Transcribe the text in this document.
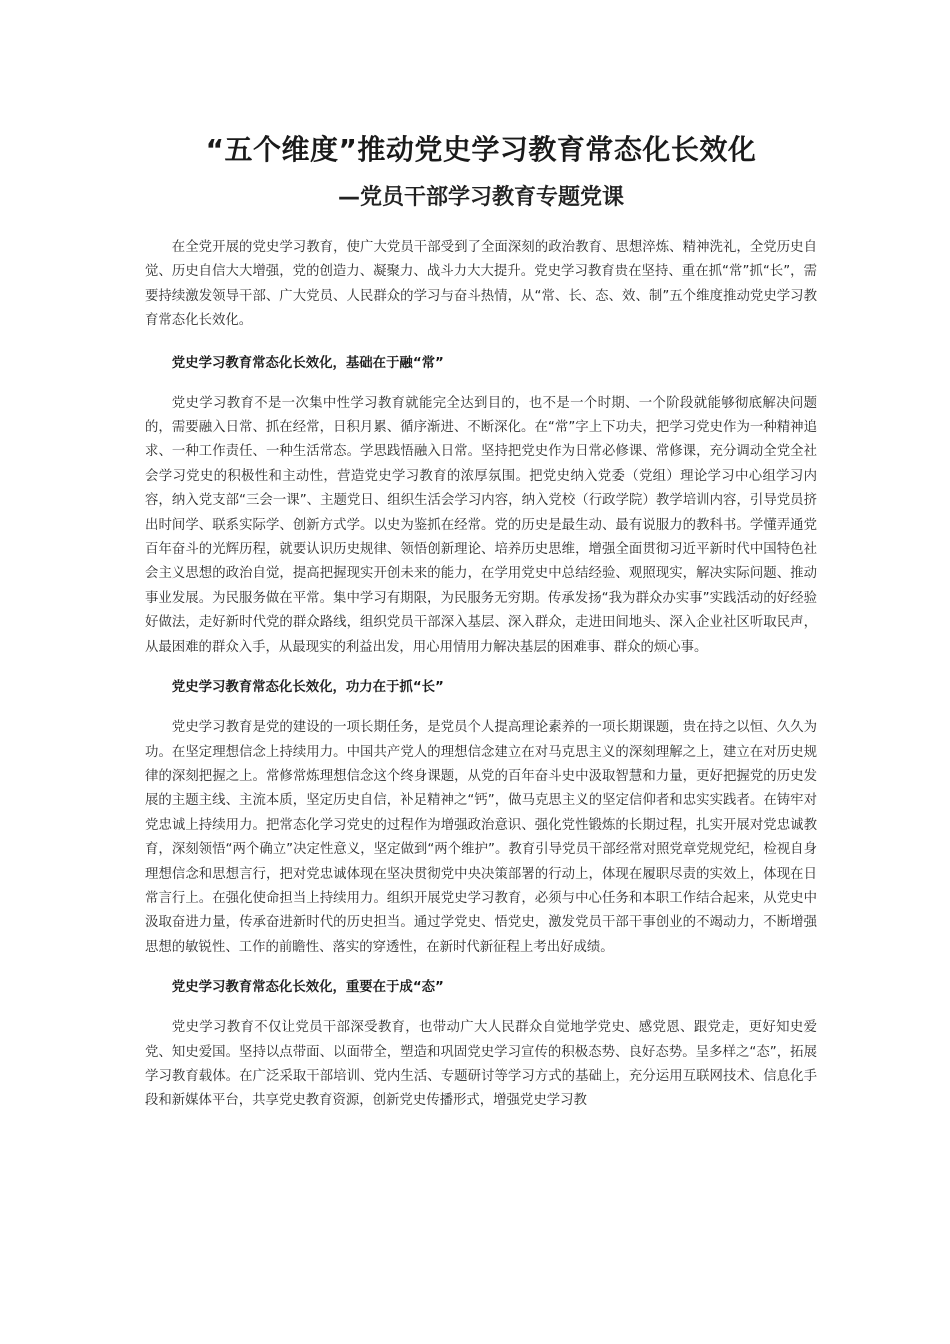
“五个维度”推动党史学习教育常态化长效化
—党员干部学习教育专题党课

在全党开展的党史学习教育，使广大党员干部受到了全面深刻的政治教育、思想淬炼、精神洗礼，全党历史自觉、历史自信大大增强，党的创造力、凝聚力、战斗力大大提升。党史学习教育贵在坚持、重在抓“常”抓“长”，需要持续激发领导干部、广大党员、人民群众的学习与奋斗热情，从“常、长、态、效、制”五个维度推动党史学习教育常态化长效化。

党史学习教育常态化长效化，基础在于融“常”

党史学习教育不是一次集中性学习教育就能完全达到目的，也不是一个时期、一个阶段就能够彻底解决问题的，需要融入日常、抓在经常，日积月累、循序渐进、不断深化。在“常”字上下功夫，把学习党史作为一种精神追求、一种工作责任、一种生活常态。学思践悟融入日常。坚持把党史作为日常必修课、常修课，充分调动全党全社会学习党史的积极性和主动性，营造党史学习教育的浓厚氛围。把党史纳入党委（党组）理论学习中心组学习内容，纳入党支部“三会一课”、主题党日、组织生活会学习内容，纳入党校（行政学院）教学培训内容，引导党员挤出时间学、联系实际学、创新方式学。以史为鉴抓在经常。党的历史是最生动、最有说服力的教科书。学懂弄通党百年奋斗的光辉历程，就要认识历史规律、领悟创新理论、培养历史思维，增强全面贯彻习近平新时代中国特色社会主义思想的政治自觉，提高把握现实开创未来的能力，在学用党史中总结经验、观照现实，解决实际问题、推动事业发展。为民服务做在平常。集中学习有期限，为民服务无穷期。传承发扬“我为群众办实事”实践活动的好经验好做法，走好新时代党的群众路线，组织党员干部深入基层、深入群众，走进田间地头、深入企业社区听取民声，从最困难的群众入手，从最现实的利益出发，用心用情用力解决基层的困难事、群众的烦心事。

党史学习教育常态化长效化，功力在于抓“长”

党史学习教育是党的建设的一项长期任务，是党员个人提高理论素养的一项长期课题，贵在持之以恒、久久为功。在坚定理想信念上持续用力。中国共产党人的理想信念建立在对马克思主义的深刻理解之上，建立在对历史规律的深刻把握之上。常修常炼理想信念这个终身课题，从党的百年奋斗史中汲取智慧和力量，更好把握党的历史发展的主题主线、主流本质，坚定历史自信，补足精神之“钙”，做马克思主义的坚定信仰者和忠实实践者。在铸牢对党忠诚上持续用力。把常态化学习党史的过程作为增强政治意识、强化党性锻炼的长期过程，扎实开展对党忠诚教育，深刻领悟“两个确立”决定性意义，坚定做到“两个维护”。教育引导党员干部经常对照党章党规党纪，检视自身理想信念和思想言行，把对党忠诚体现在坚决贯彻党中央决策部署的行动上，体现在履职尽责的实效上，体现在日常言行上。在强化使命担当上持续用力。组织开展党史学习教育，必须与中心任务和本职工作结合起来，从党史中汲取奋进力量，传承奋进新时代的历史担当。通过学党史、悟党史，激发党员干部干事创业的不竭动力，不断增强思想的敏锐性、工作的前瞻性、落实的穿透性，在新时代新征程上考出好成绩。

党史学习教育常态化长效化，重要在于成“态”

党史学习教育不仅让党员干部深受教育，也带动广大人民群众自觉地学党史、感党恩、跟党走，更好知史爱党、知史爱国。坚持以点带面、以面带全，塑造和巩固党史学习宣传的积极态势、良好态势。呈多样之“态”，拓展学习教育载体。在广泛采取干部培训、党内生活、专题研讨等学习方式的基础上，充分运用互联网技术、信息化手段和新媒体平台，共享党史教育资源，创新党史传播形式，增强党史学习教
